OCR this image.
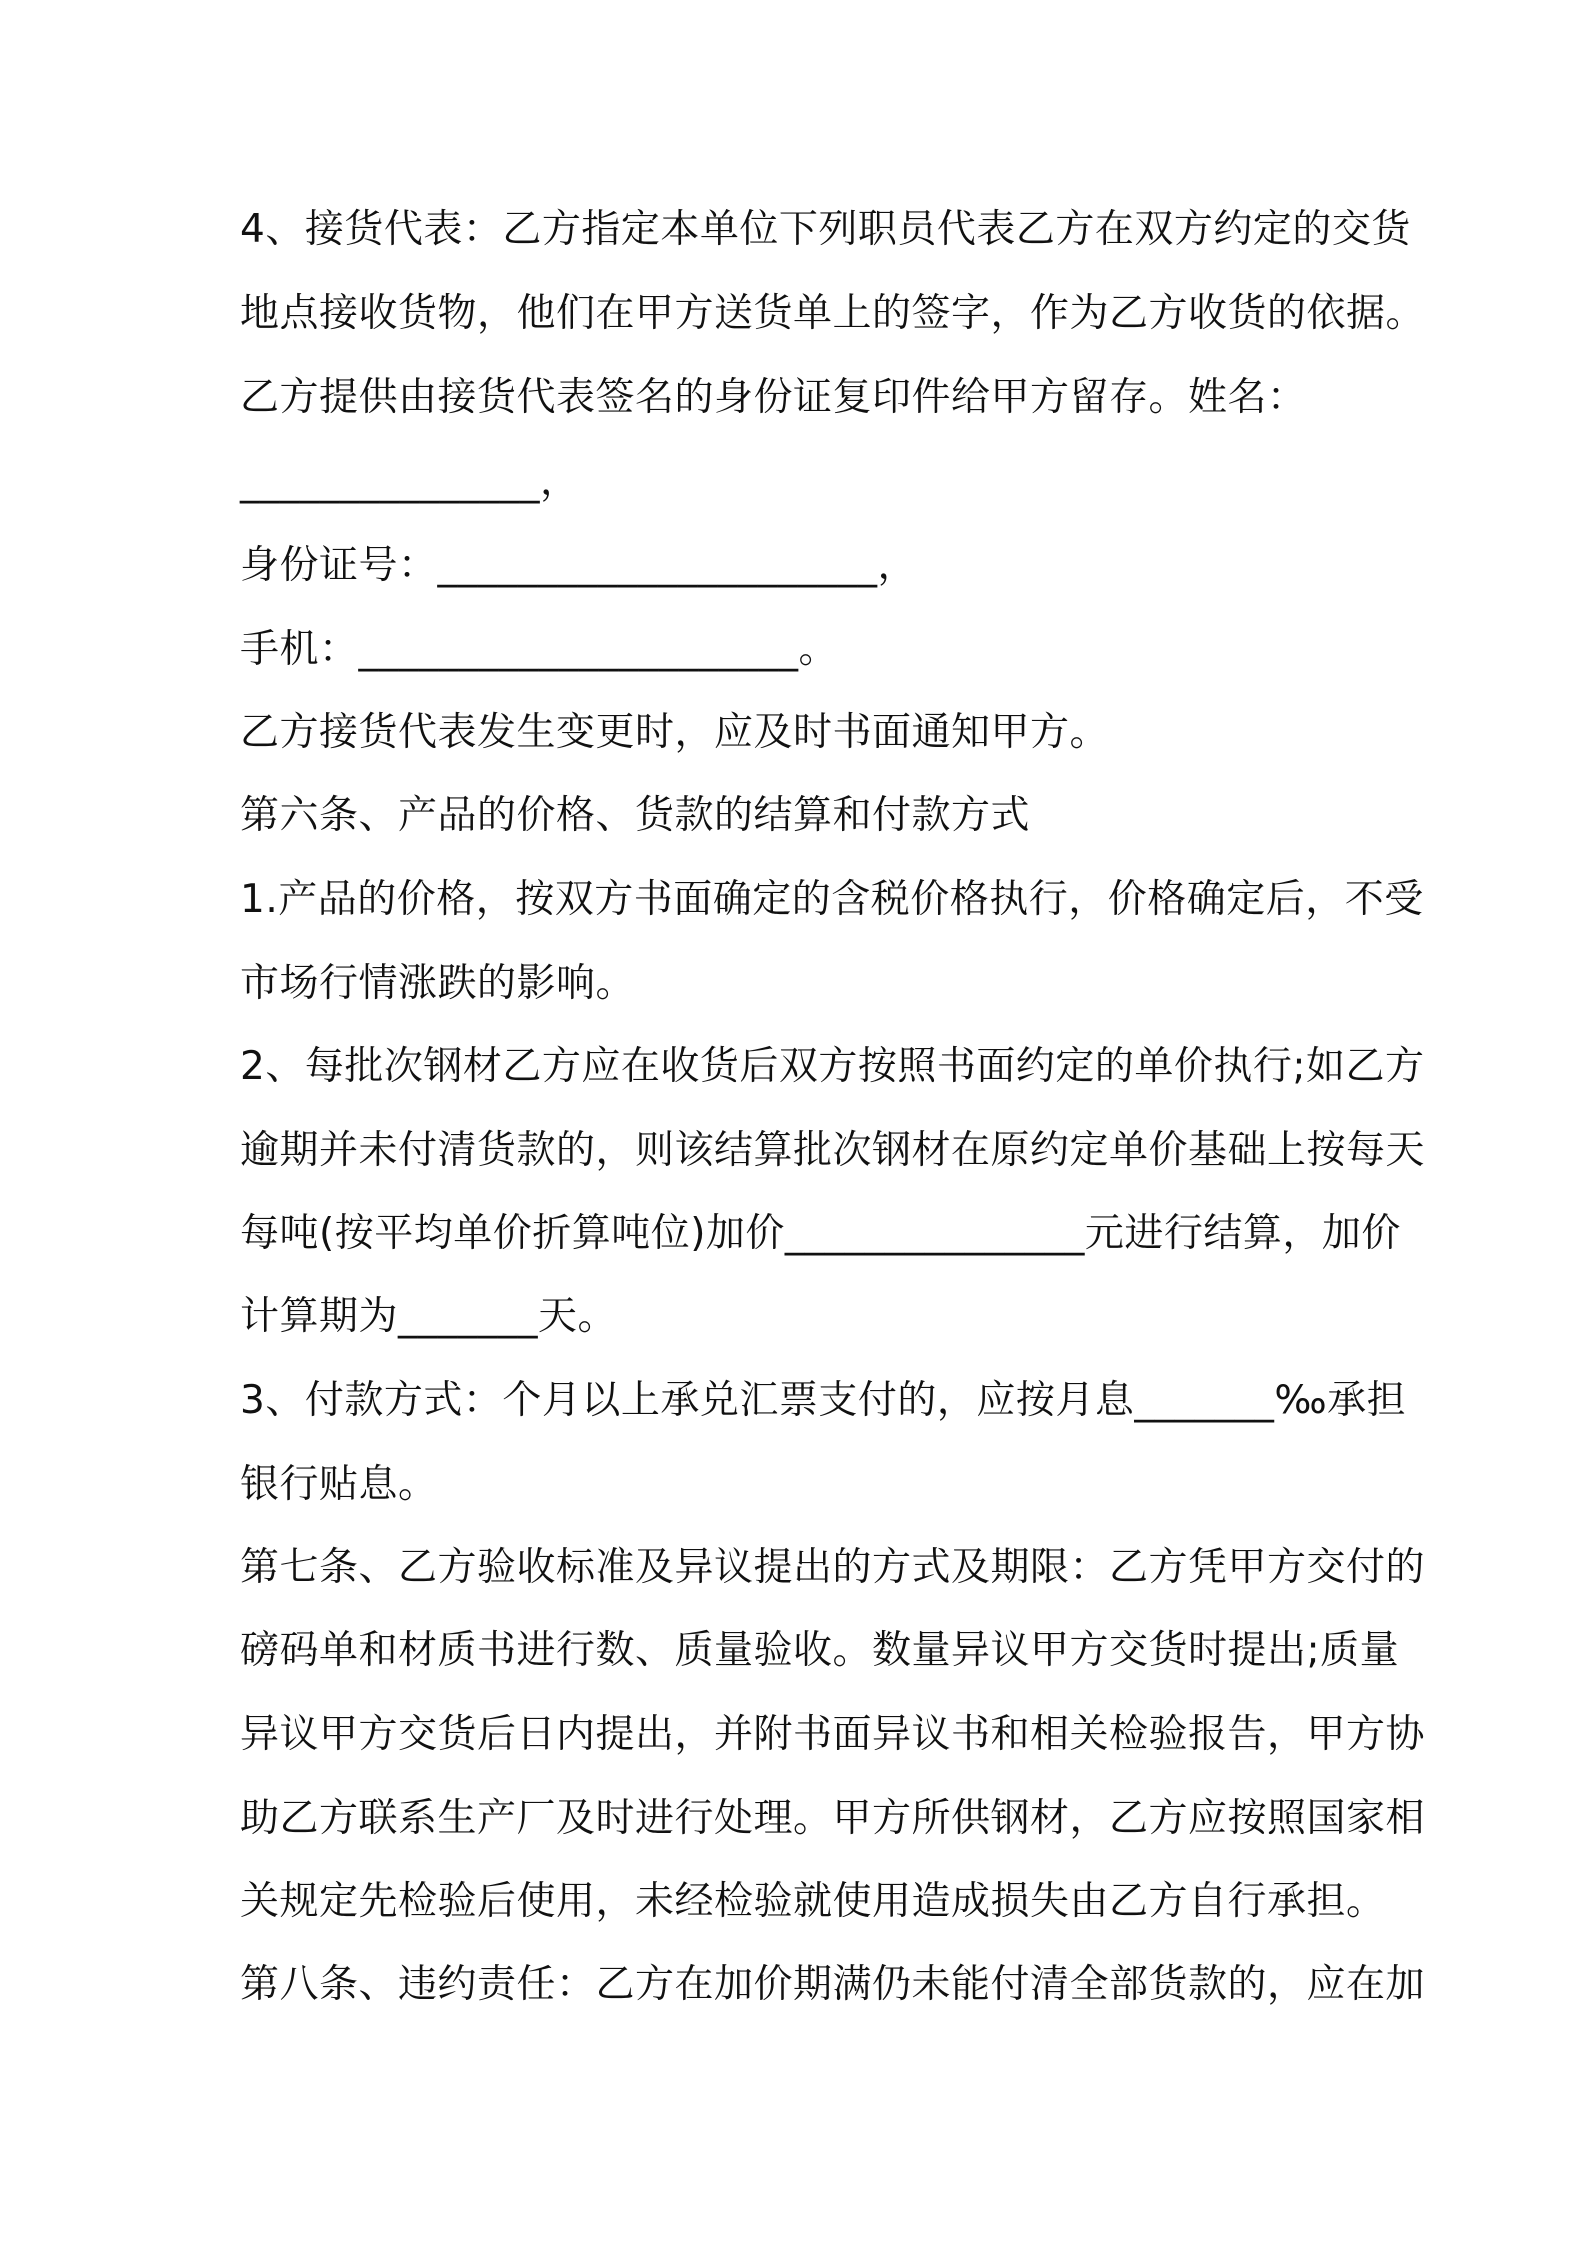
4、接货代表：乙方指定本单位下列职员代表乙方在双方约定的交货
地点接收货物，他们在甲方送货单上的签字，作为乙方收货的依据。
乙方提供由接货代表签名的身份证复印件给甲方留存。姓名：
_______________，
身份证号：______________________，
手机：______________________。
乙方接货代表发生变更时，应及时书面通知甲方。
第六条、产品的价格、货款的结算和付款方式
1.产品的价格，按双方书面确定的含税价格执行，价格确定后，不受
市场行情涨跌的影响。
2、每批次钢材乙方应在收货后双方按照书面约定的单价执行;如乙方
逾期并未付清货款的，则该结算批次钢材在原约定单价基础上按每天
每吨(按平均单价折算吨位)加价_______________元进行结算，加价
计算期为_______天。
3、付款方式：个月以上承兑汇票支付的，应按月息_______‰承担
银行贴息。
第七条、乙方验收标准及异议提出的方式及期限：乙方凭甲方交付的
磅码单和材质书进行数、质量验收。数量异议甲方交货时提出;质量
异议甲方交货后日内提出，并附书面异议书和相关检验报告，甲方协
助乙方联系生产厂及时进行处理。甲方所供钢材，乙方应按照国家相
关规定先检验后使用，未经检验就使用造成损失由乙方自行承担。
第八条、违约责任：乙方在加价期满仍未能付清全部货款的，应在加
